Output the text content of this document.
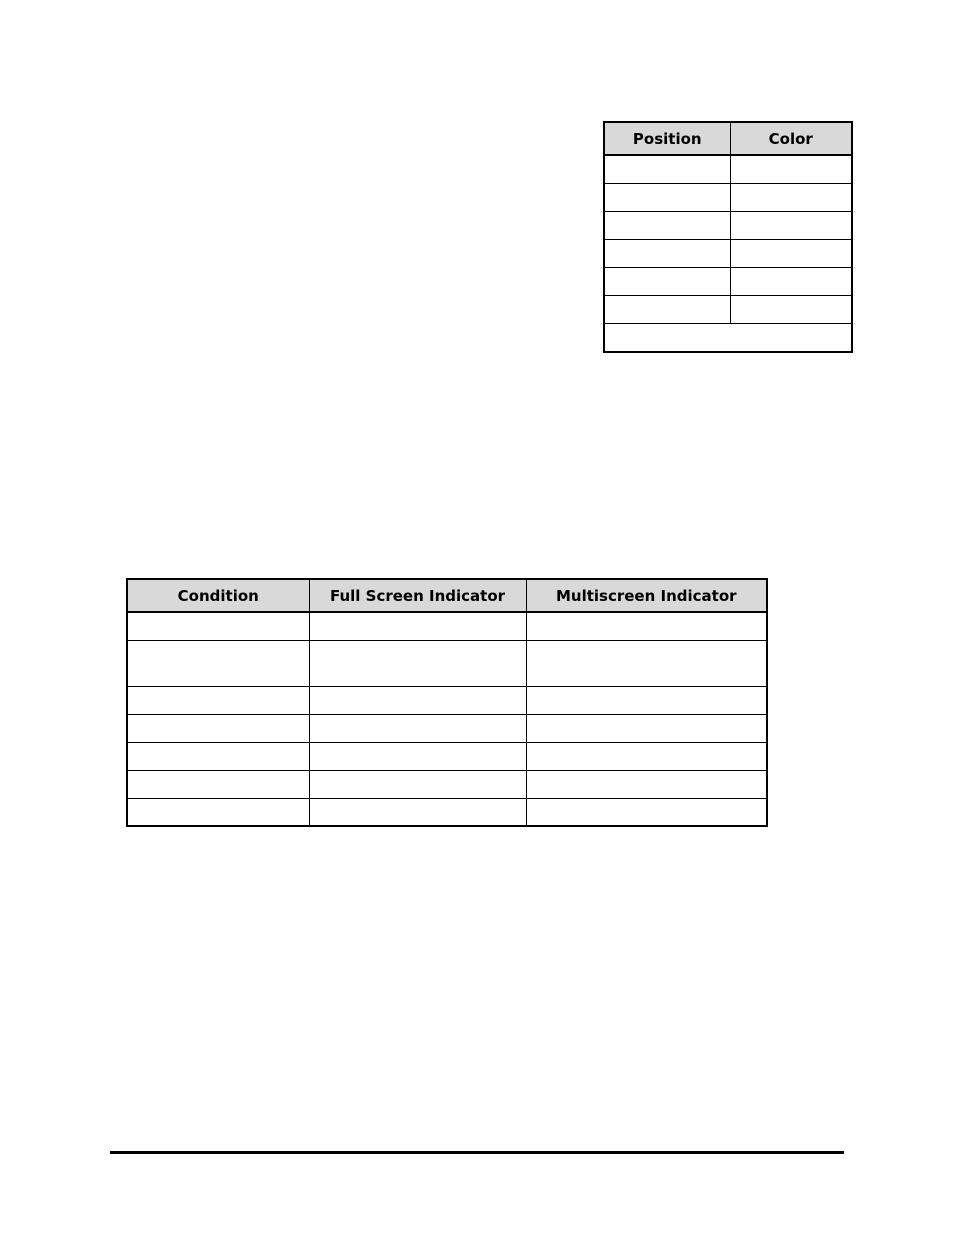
Position	Color

Condition	Full Screen Indicator	Multiscreen Indicator
